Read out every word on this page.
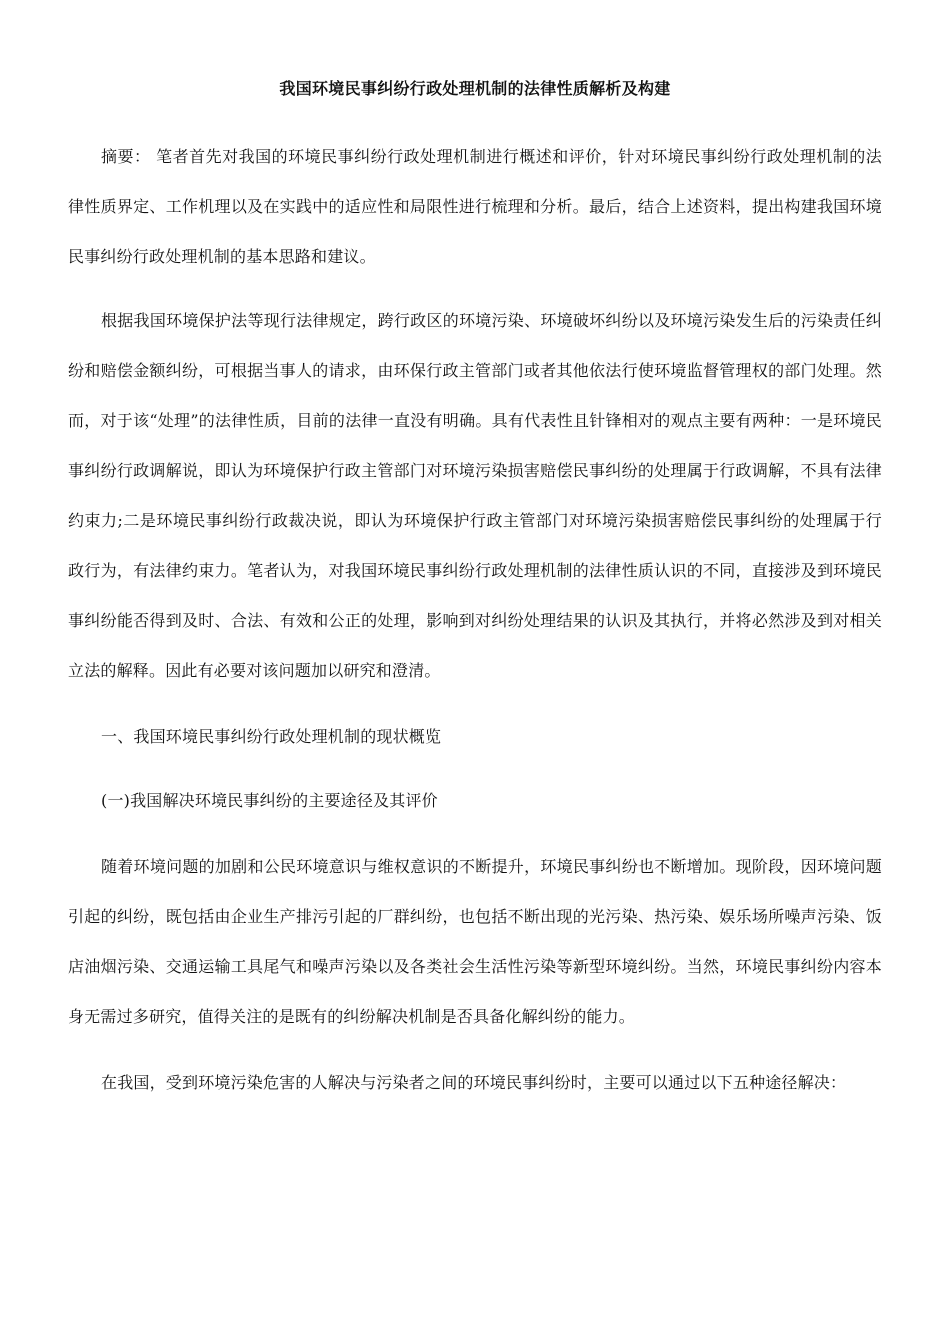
我国环境民事纠纷行政处理机制的法律性质解析及构建

摘要： 笔者首先对我国的环境民事纠纷行政处理机制进行概述和评价，针对环境民事纠纷行政处理机制的法律性质界定、工作机理以及在实践中的适应性和局限性进行梳理和分析。最后，结合上述资料，提出构建我国环境民事纠纷行政处理机制的基本思路和建议。

根据我国环境保护法等现行法律规定，跨行政区的环境污染、环境破坏纠纷以及环境污染发生后的污染责任纠纷和赔偿金额纠纷，可根据当事人的请求，由环保行政主管部门或者其他依法行使环境监督管理权的部门处理。然而，对于该“处理”的法律性质，目前的法律一直没有明确。具有代表性且针锋相对的观点主要有两种：一是环境民事纠纷行政调解说，即认为环境保护行政主管部门对环境污染损害赔偿民事纠纷的处理属于行政调解，不具有法律约束力;二是环境民事纠纷行政裁决说，即认为环境保护行政主管部门对环境污染损害赔偿民事纠纷的处理属于行政行为，有法律约束力。笔者认为，对我国环境民事纠纷行政处理机制的法律性质认识的不同，直接涉及到环境民事纠纷能否得到及时、合法、有效和公正的处理，影响到对纠纷处理结果的认识及其执行，并将必然涉及到对相关立法的解释。因此有必要对该问题加以研究和澄清。

一、我国环境民事纠纷行政处理机制的现状概览

(一)我国解决环境民事纠纷的主要途径及其评价

随着环境问题的加剧和公民环境意识与维权意识的不断提升，环境民事纠纷也不断增加。现阶段，因环境问题引起的纠纷，既包括由企业生产排污引起的厂群纠纷，也包括不断出现的光污染、热污染、娱乐场所噪声污染、饭店油烟污染、交通运输工具尾气和噪声污染以及各类社会生活性污染等新型环境纠纷。当然，环境民事纠纷内容本身无需过多研究，值得关注的是既有的纠纷解决机制是否具备化解纠纷的能力。

在我国，受到环境污染危害的人解决与污染者之间的环境民事纠纷时，主要可以通过以下五种途径解决：
